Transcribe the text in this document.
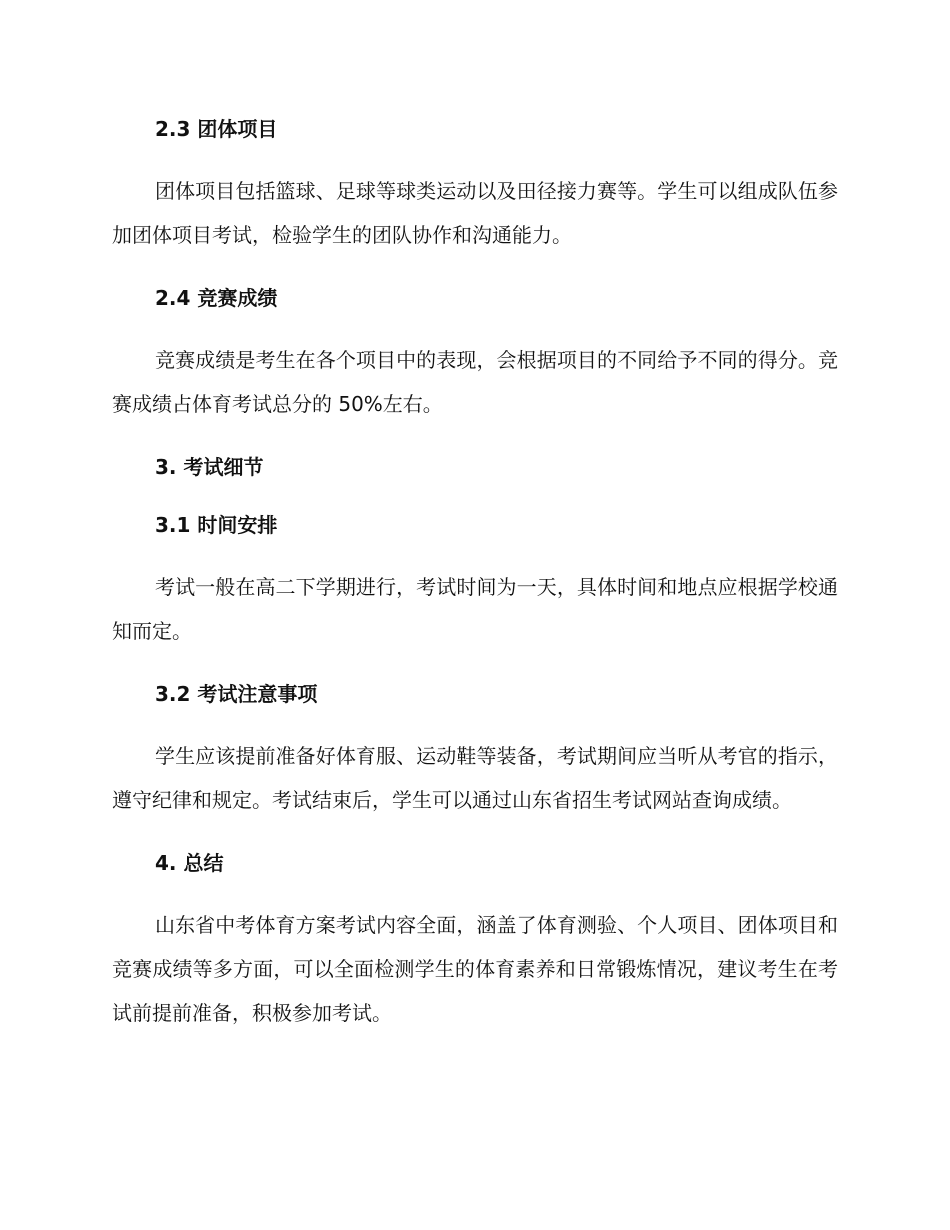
2.3 团体项目

团体项目包括篮球、足球等球类运动以及田径接力赛等。学生可以组成队伍参加团体项目考试，检验学生的团队协作和沟通能力。

2.4 竞赛成绩

竞赛成绩是考生在各个项目中的表现，会根据项目的不同给予不同的得分。竞赛成绩占体育考试总分的 50%左右。

3. 考试细节
3.1 时间安排

考试一般在高二下学期进行，考试时间为一天，具体时间和地点应根据学校通知而定。

3.2 考试注意事项

学生应该提前准备好体育服、运动鞋等装备，考试期间应当听从考官的指示，遵守纪律和规定。考试结束后，学生可以通过山东省招生考试网站查询成绩。

4. 总结

山东省中考体育方案考试内容全面，涵盖了体育测验、个人项目、团体项目和竞赛成绩等多方面，可以全面检测学生的体育素养和日常锻炼情况，建议考生在考试前提前准备，积极参加考试。
